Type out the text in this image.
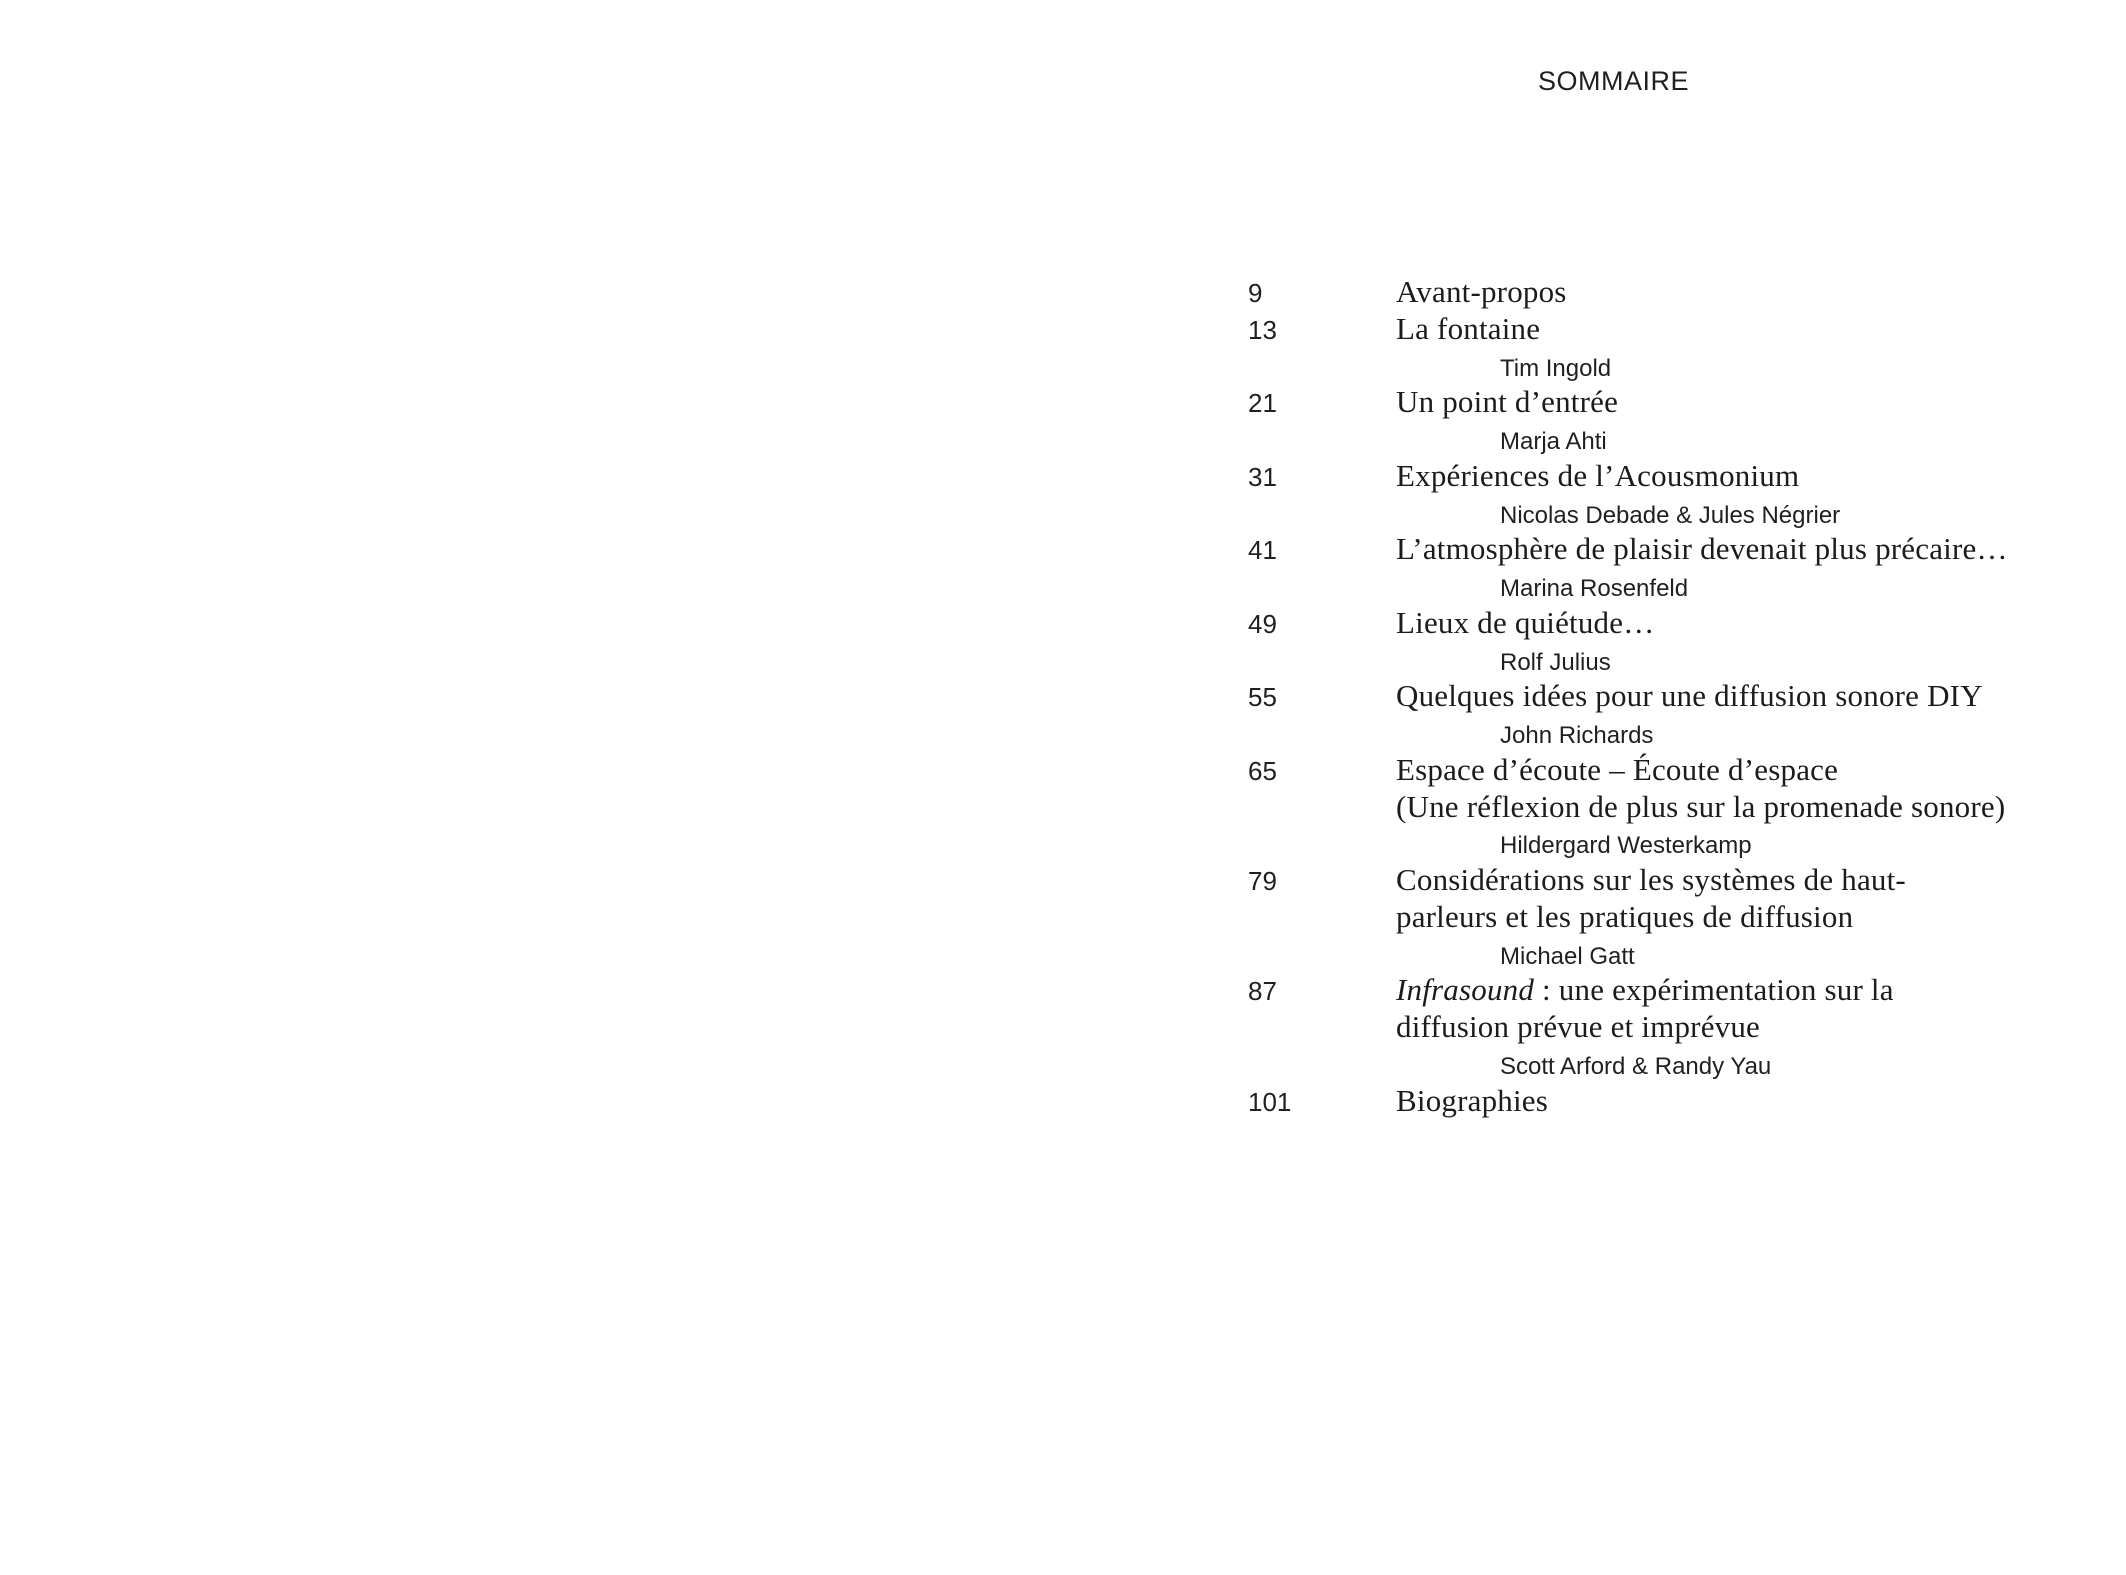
SOMMAIRE
9	Avant-propos
13	La fontaine
Tim Ingold
21	Un point d’entrée
Marja Ahti
31	Expériences de l’Acousmonium
Nicolas Debade & Jules Négrier
41	L’atmosphère de plaisir devenait plus précaire…
Marina Rosenfeld
49	Lieux de quiétude…
Rolf Julius
55	Quelques idées pour une diffusion sonore DIY
John Richards
65	Espace d’écoute – Écoute d’espace
(Une réflexion de plus sur la promenade sonore)
Hildergard Westerkamp
79	Considérations sur les systèmes de haut-
parleurs et les pratiques de diffusion
Michael Gatt
87	Infrasound : une expérimentation sur la
diffusion prévue et imprévue
Scott Arford & Randy Yau
101	Biographies
